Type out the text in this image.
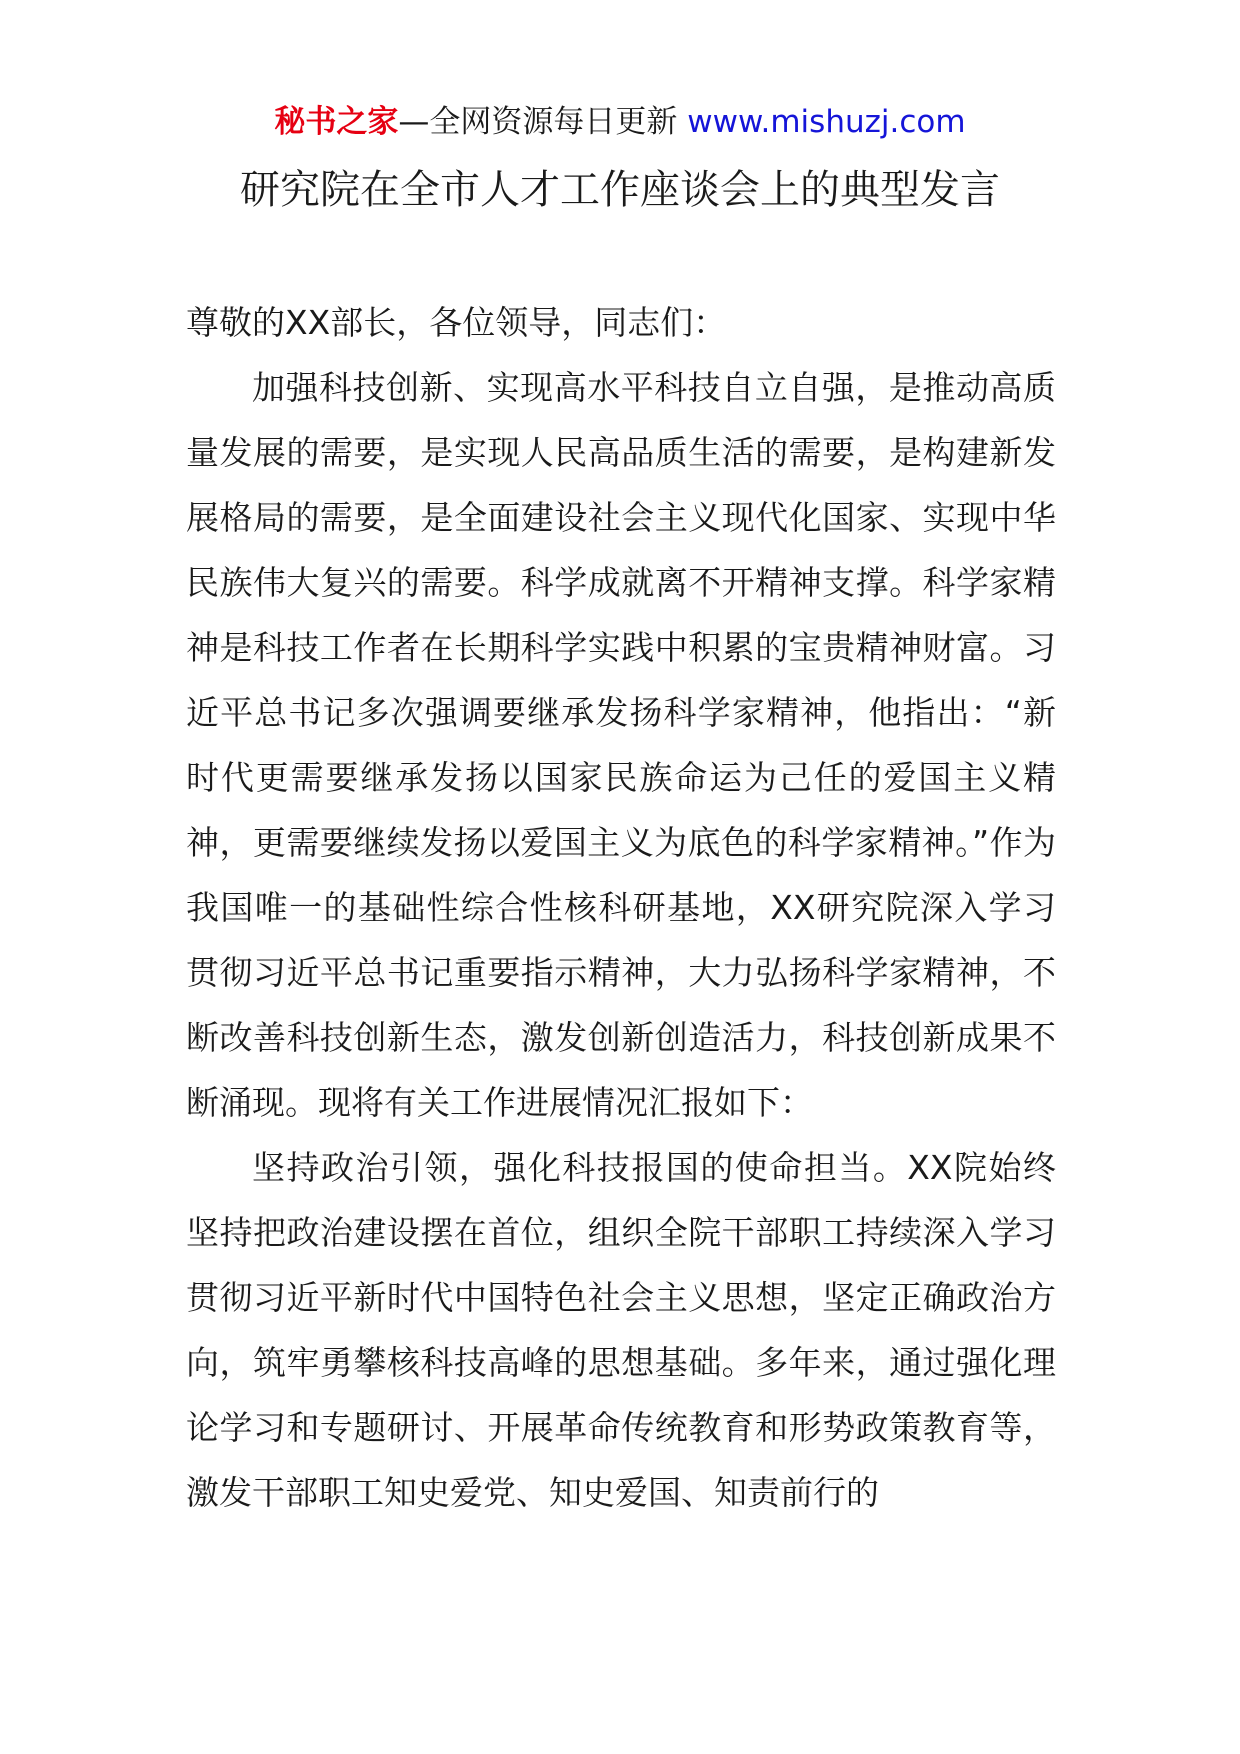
秘书之家—全网资源每日更新 www.mishuzj.com
研究院在全市人才工作座谈会上的典型发言

尊敬的XX部长，各位领导，同志们：

加强科技创新、实现高水平科技自立自强，是推动高质量发展的需要，是实现人民高品质生活的需要，是构建新发展格局的需要，是全面建设社会主义现代化国家、实现中华民族伟大复兴的需要。科学成就离不开精神支撑。科学家精神是科技工作者在长期科学实践中积累的宝贵精神财富。习近平总书记多次强调要继承发扬科学家精神，他指出：“新时代更需要继承发扬以国家民族命运为己任的爱国主义精神，更需要继续发扬以爱国主义为底色的科学家精神。”作为我国唯一的基础性综合性核科研基地，XX研究院深入学习贯彻习近平总书记重要指示精神，大力弘扬科学家精神，不断改善科技创新生态，激发创新创造活力，科技创新成果不断涌现。现将有关工作进展情况汇报如下：

坚持政治引领，强化科技报国的使命担当。XX院始终坚持把政治建设摆在首位，组织全院干部职工持续深入学习贯彻习近平新时代中国特色社会主义思想，坚定正确政治方向，筑牢勇攀核科技高峰的思想基础。多年来，通过强化理论学习和专题研讨、开展革命传统教育和形势政策教育等，激发干部职工知史爱党、知史爱国、知责前行的
